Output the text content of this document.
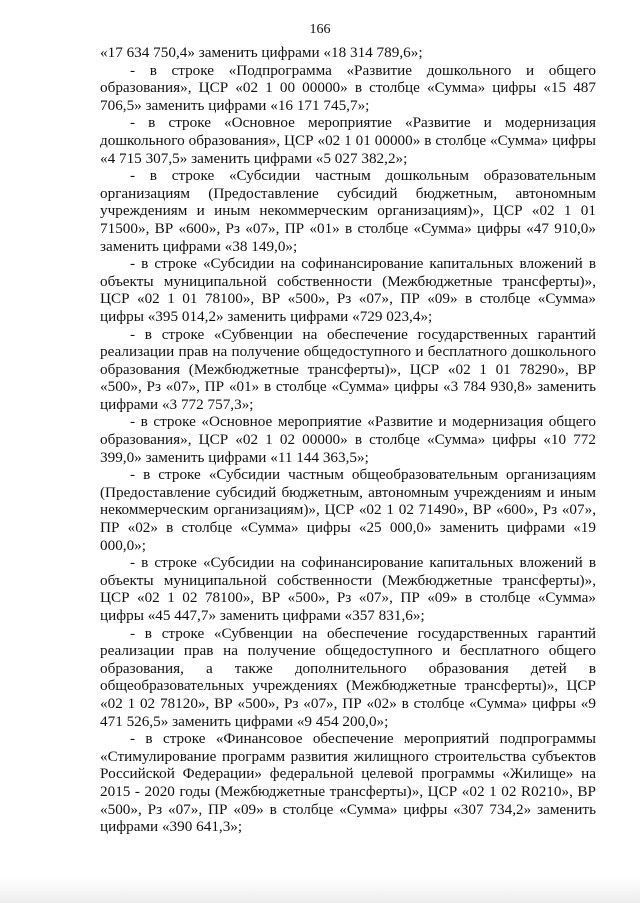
166

«17 634 750,4» заменить цифрами «18 314 789,6»;

- в строке «Подпрограмма «Развитие дошкольного и общего образования», ЦСР «02 1 00 00000» в столбце «Сумма» цифры «15 487 706,5» заменить цифрами «16 171 745,7»;

- в строке «Основное мероприятие «Развитие и модернизация дошкольного образования», ЦСР «02 1 01 00000» в столбце «Сумма» цифры «4 715 307,5» заменить цифрами «5 027 382,2»;

- в строке «Субсидии частным дошкольным образовательным организациям (Предоставление субсидий бюджетным, автономным учреждениям и иным некоммерческим организациям)», ЦСР «02 1 01 71500», ВР «600», Рз «07», ПР «01» в столбце «Сумма» цифры «47 910,0» заменить цифрами «38 149,0»;

- в строке «Субсидии на софинансирование капитальных вложений в объекты муниципальной собственности (Межбюджетные трансферты)», ЦСР «02 1 01 78100», ВР «500», Рз «07», ПР «09» в столбце «Сумма» цифры «395 014,2» заменить цифрами «729 023,4»;

- в строке «Субвенции на обеспечение государственных гарантий реализации прав на получение общедоступного и бесплатного дошкольного образования (Межбюджетные трансферты)», ЦСР «02 1 01 78290», ВР «500», Рз «07», ПР «01» в столбце «Сумма» цифры «3 784 930,8» заменить цифрами «3 772 757,3»;

- в строке «Основное мероприятие «Развитие и модернизация общего образования», ЦСР «02 1 02 00000» в столбце «Сумма» цифры «10 772 399,0» заменить цифрами «11 144 363,5»;

- в строке «Субсидии частным общеобразовательным организациям (Предоставление субсидий бюджетным, автономным учреждениям и иным некоммерческим организациям)», ЦСР «02 1 02 71490», ВР «600», Рз «07», ПР «02» в столбце «Сумма» цифры «25 000,0» заменить цифрами «19 000,0»;

- в строке «Субсидии на софинансирование капитальных вложений в объекты муниципальной собственности (Межбюджетные трансферты)», ЦСР «02 1 02 78100», ВР «500», Рз «07», ПР «09» в столбце «Сумма» цифры «45 447,7» заменить цифрами «357 831,6»;

- в строке «Субвенции на обеспечение государственных гарантий реализации прав на получение общедоступного и бесплатного общего образования, а также дополнительного образования детей в общеобразовательных учреждениях (Межбюджетные трансферты)», ЦСР «02 1 02 78120», ВР «500», Рз «07», ПР «02» в столбце «Сумма» цифры «9 471 526,5» заменить цифрами «9 454 200,0»;

- в строке «Финансовое обеспечение мероприятий подпрограммы «Стимулирование программ развития жилищного строительства субъектов Российской Федерации» федеральной целевой программы «Жилище» на 2015 - 2020 годы (Межбюджетные трансферты)», ЦСР «02 1 02 R0210», ВР «500», Рз «07», ПР «09» в столбце «Сумма» цифры «307 734,2» заменить цифрами «390 641,3»;
